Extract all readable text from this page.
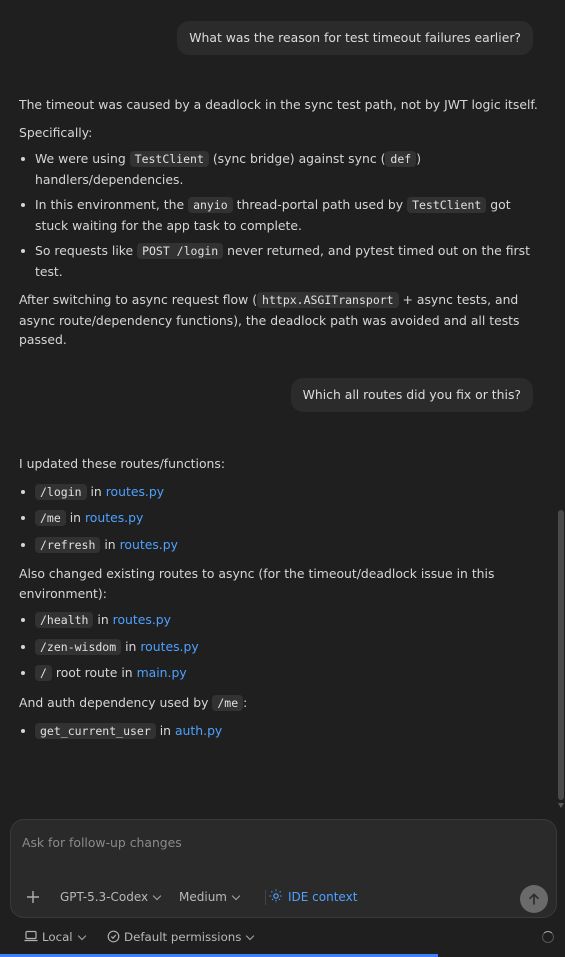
What was the reason for test timeout failures earlier?

The timeout was caused by a deadlock in the sync test path, not by JWT logic itself.

Specifically:

We were using TestClient (sync bridge) against sync ( def ) handlers/dependencies.
In this environment, the anyio thread-portal path used by TestClient got stuck waiting for the app task to complete.
So requests like POST /login never returned, and pytest timed out on the first test.

After switching to async request flow ( httpx.ASGITransport + async tests, and async route/dependency functions), the deadlock path was avoided and all tests passed.

Which all routes did you fix or this?

I updated these routes/functions:

/login in routes.py
/me in routes.py
/refresh in routes.py

Also changed existing routes to async (for the timeout/deadlock issue in this environment):

/health in routes.py
/zen-wisdom in routes.py
/ root route in main.py

And auth dependency used by /me :

get_current_user in auth.py
Ask for follow-up changes
GPT-5.3-Codex	Medium	IDE context
Local	Default permissions
